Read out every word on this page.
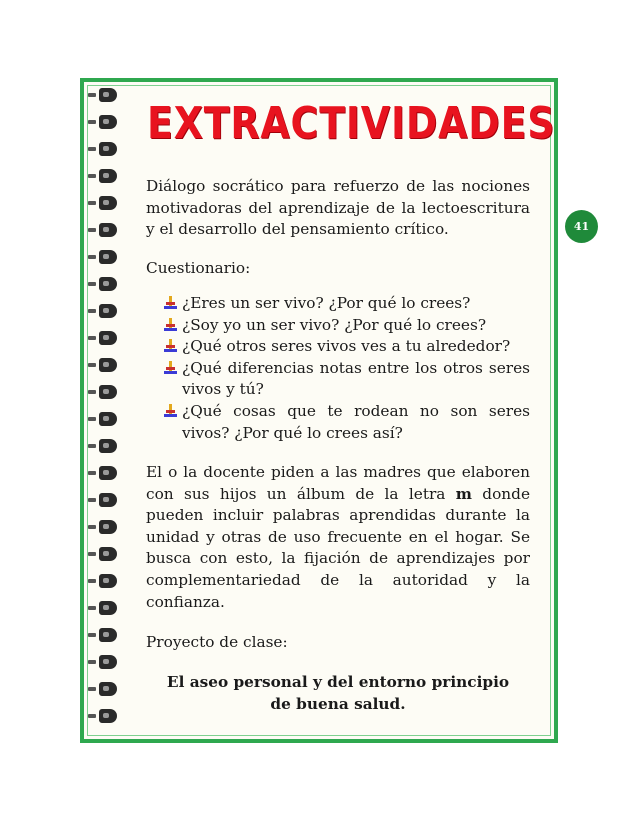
EXTRACTIVIDADES
41
Diálogo socrático para refuerzo de las nociones motivadoras del aprendizaje de la lectoescritura y el desarrollo del pensamiento crítico.
Cuestionario:
¿Eres un ser vivo? ¿Por qué lo crees?
¿Soy yo un ser vivo? ¿Por qué lo crees?
¿Qué otros seres vivos ves a tu alrededor?
¿Qué diferencias notas entre los otros seres vivos y tú?
¿Qué cosas que te rodean no son seres vivos? ¿Por qué lo crees así?
El o la docente piden a las madres que elaboren con sus hijos un álbum de la letra m donde pueden incluir palabras aprendidas durante la unidad y otras de uso frecuente en el hogar. Se busca con esto, la fijación de aprendizajes por complementariedad de la autoridad y la confianza.
Proyecto de clase:
El aseo personal y del entorno principio
de buena salud.
